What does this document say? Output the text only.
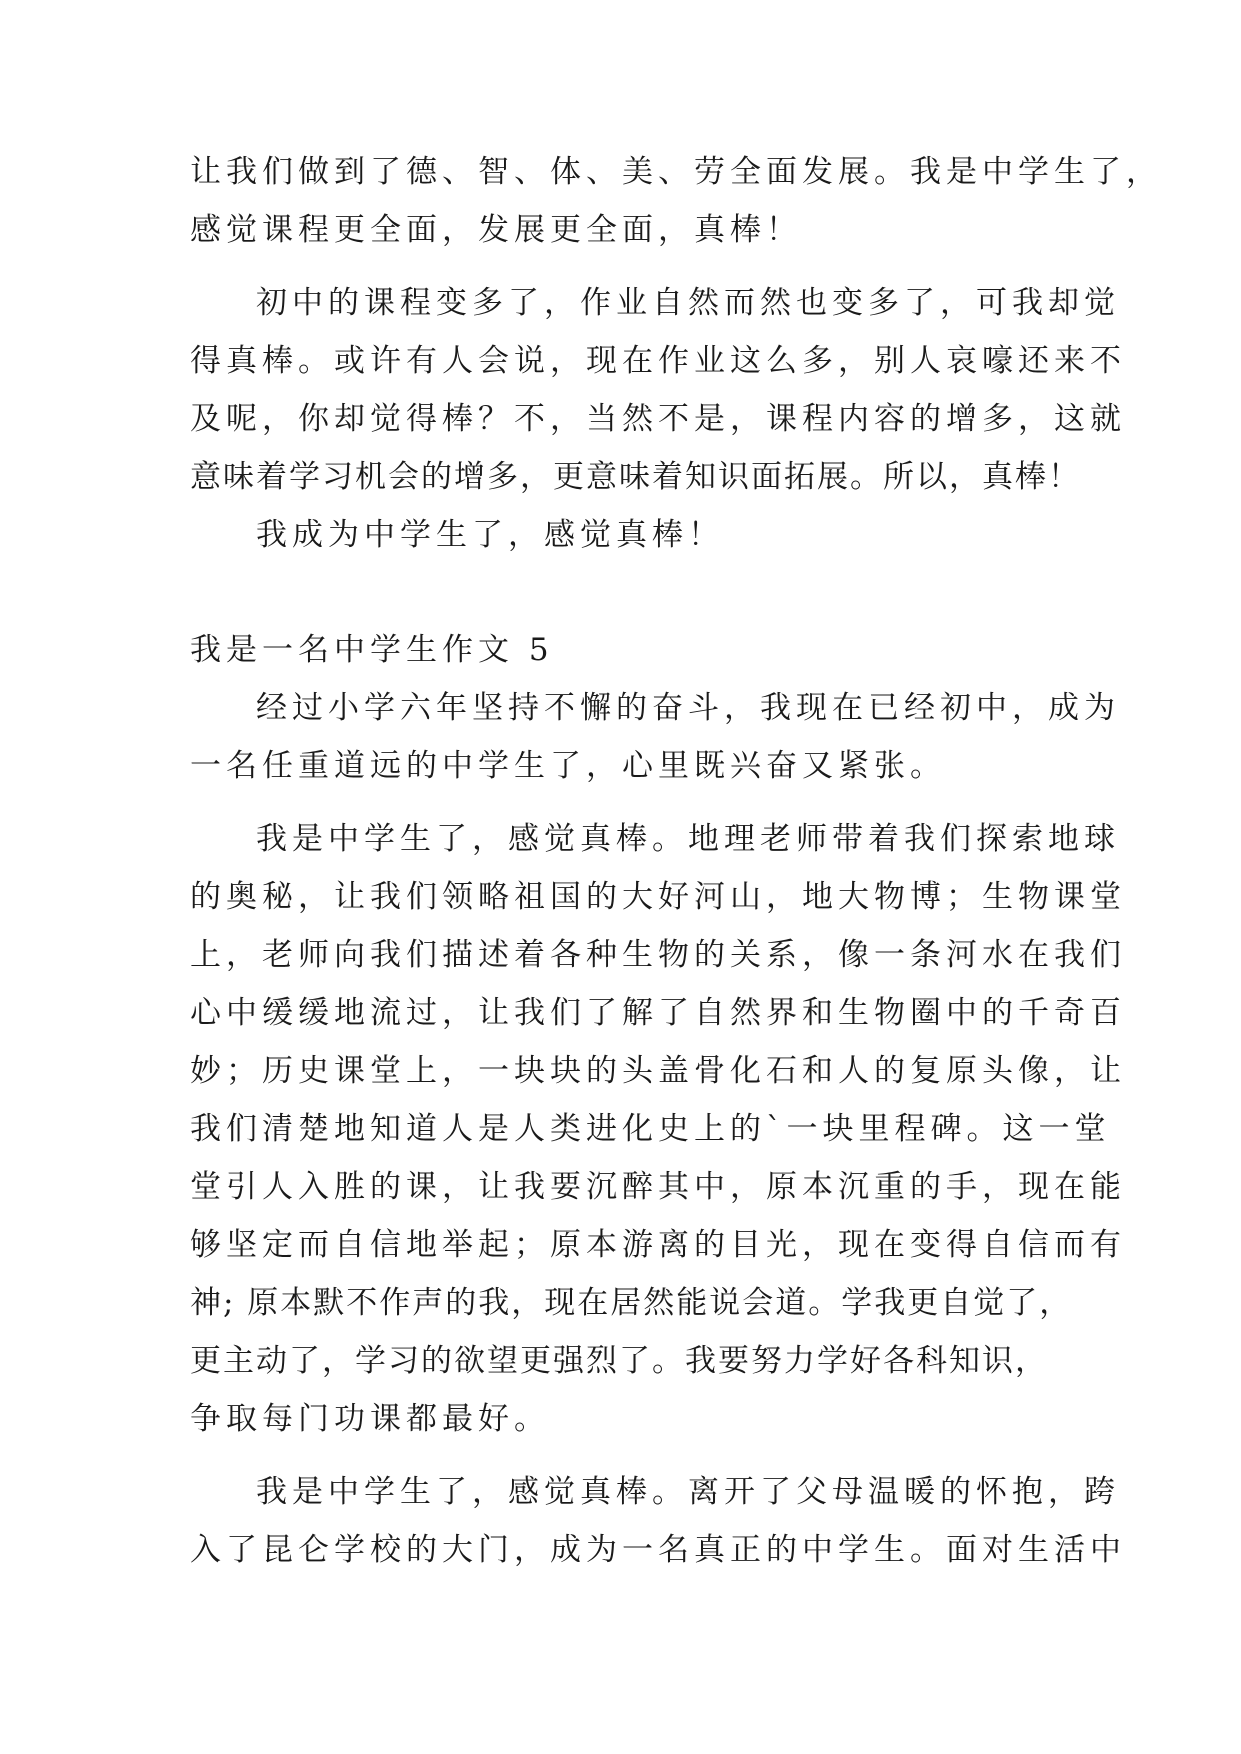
让我们做到了德、智、体、美、劳全面发展。我是中学生了，

感觉课程更全面，发展更全面，真棒！

初中的课程变多了，作业自然而然也变多了，可我却觉

得真棒。或许有人会说，现在作业这么多，别人哀嚎还来不

及呢，你却觉得棒？不，当然不是，课程内容的增多，这就

意味着学习机会的增多，更意味着知识面拓展。所以，真棒！

我成为中学生了，感觉真棒！

我是一名中学生作文 5

经过小学六年坚持不懈的奋斗，我现在已经初中，成为

一名任重道远的中学生了，心里既兴奋又紧张。

我是中学生了，感觉真棒。地理老师带着我们探索地球

的奥秘，让我们领略祖国的大好河山，地大物博；生物课堂

上，老师向我们描述着各种生物的关系，像一条河水在我们

心中缓缓地流过，让我们了解了自然界和生物圈中的千奇百

妙；历史课堂上，一块块的头盖骨化石和人的复原头像，让

我们清楚地知道人是人类进化史上的`一块里程碑。这一堂

堂引人入胜的课，让我要沉醉其中，原本沉重的手，现在能

够坚定而自信地举起；原本游离的目光，现在变得自信而有

神; 原本默不作声的我，现在居然能说会道。学我更自觉了，

更主动了，学习的欲望更强烈了。我要努力学好各科知识，

争取每门功课都最好。

我是中学生了，感觉真棒。离开了父母温暖的怀抱，跨

入了昆仑学校的大门，成为一名真正的中学生。面对生活中
